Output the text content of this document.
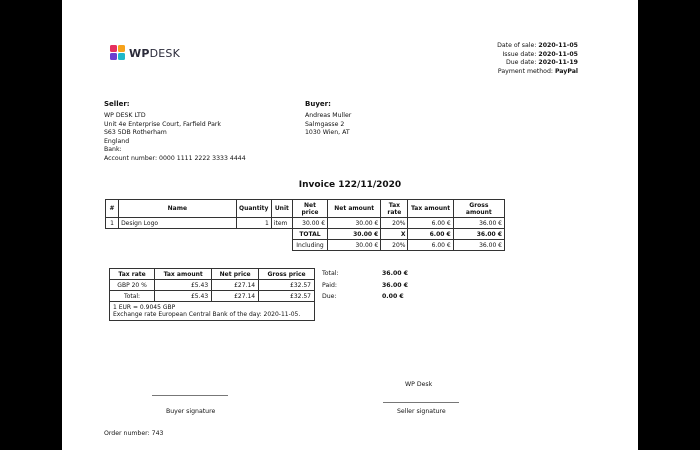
WPDESK
Date of sale: 2020-11-05
Issue date: 2020-11-05
Due date: 2020-11-19
Payment method: PayPal
Seller:
WP DESK LTD
Unit 4e Enterprise Court, Farfield Park
S63 5DB Rotherham
England
Bank:
Account number: 0000 1111 2222 3333 4444
Buyer:
Andreas Muller
Salmgasse 2
1030 Wien, AT
Invoice 122/11/2020
#	Name	Quantity	Unit	Net price	Net amount	Tax rate	Tax amount	Gross amount
1	Design Logo	1	item	30.00 €	30.00 €	20%	6.00 €	36.00 €
				TOTAL	30.00 €	X	6.00 €	36.00 €
				Including	30.00 €	20%	6.00 €	36.00 €
Tax rate	Tax amount	Net price	Gross price
GBP 20 %	£5.43	£27.14	£32.57
Total:	£5.43	£27.14	£32.57

1 EUR = 0.9045 GBP
Exchange rate European Central Bank of the day: 2020-11-05.			
Total:	36.00 €
Paid:	36.00 €
Due:	0.00 €
WP Desk
Buyer signature	Seller signature
Order number: 743
